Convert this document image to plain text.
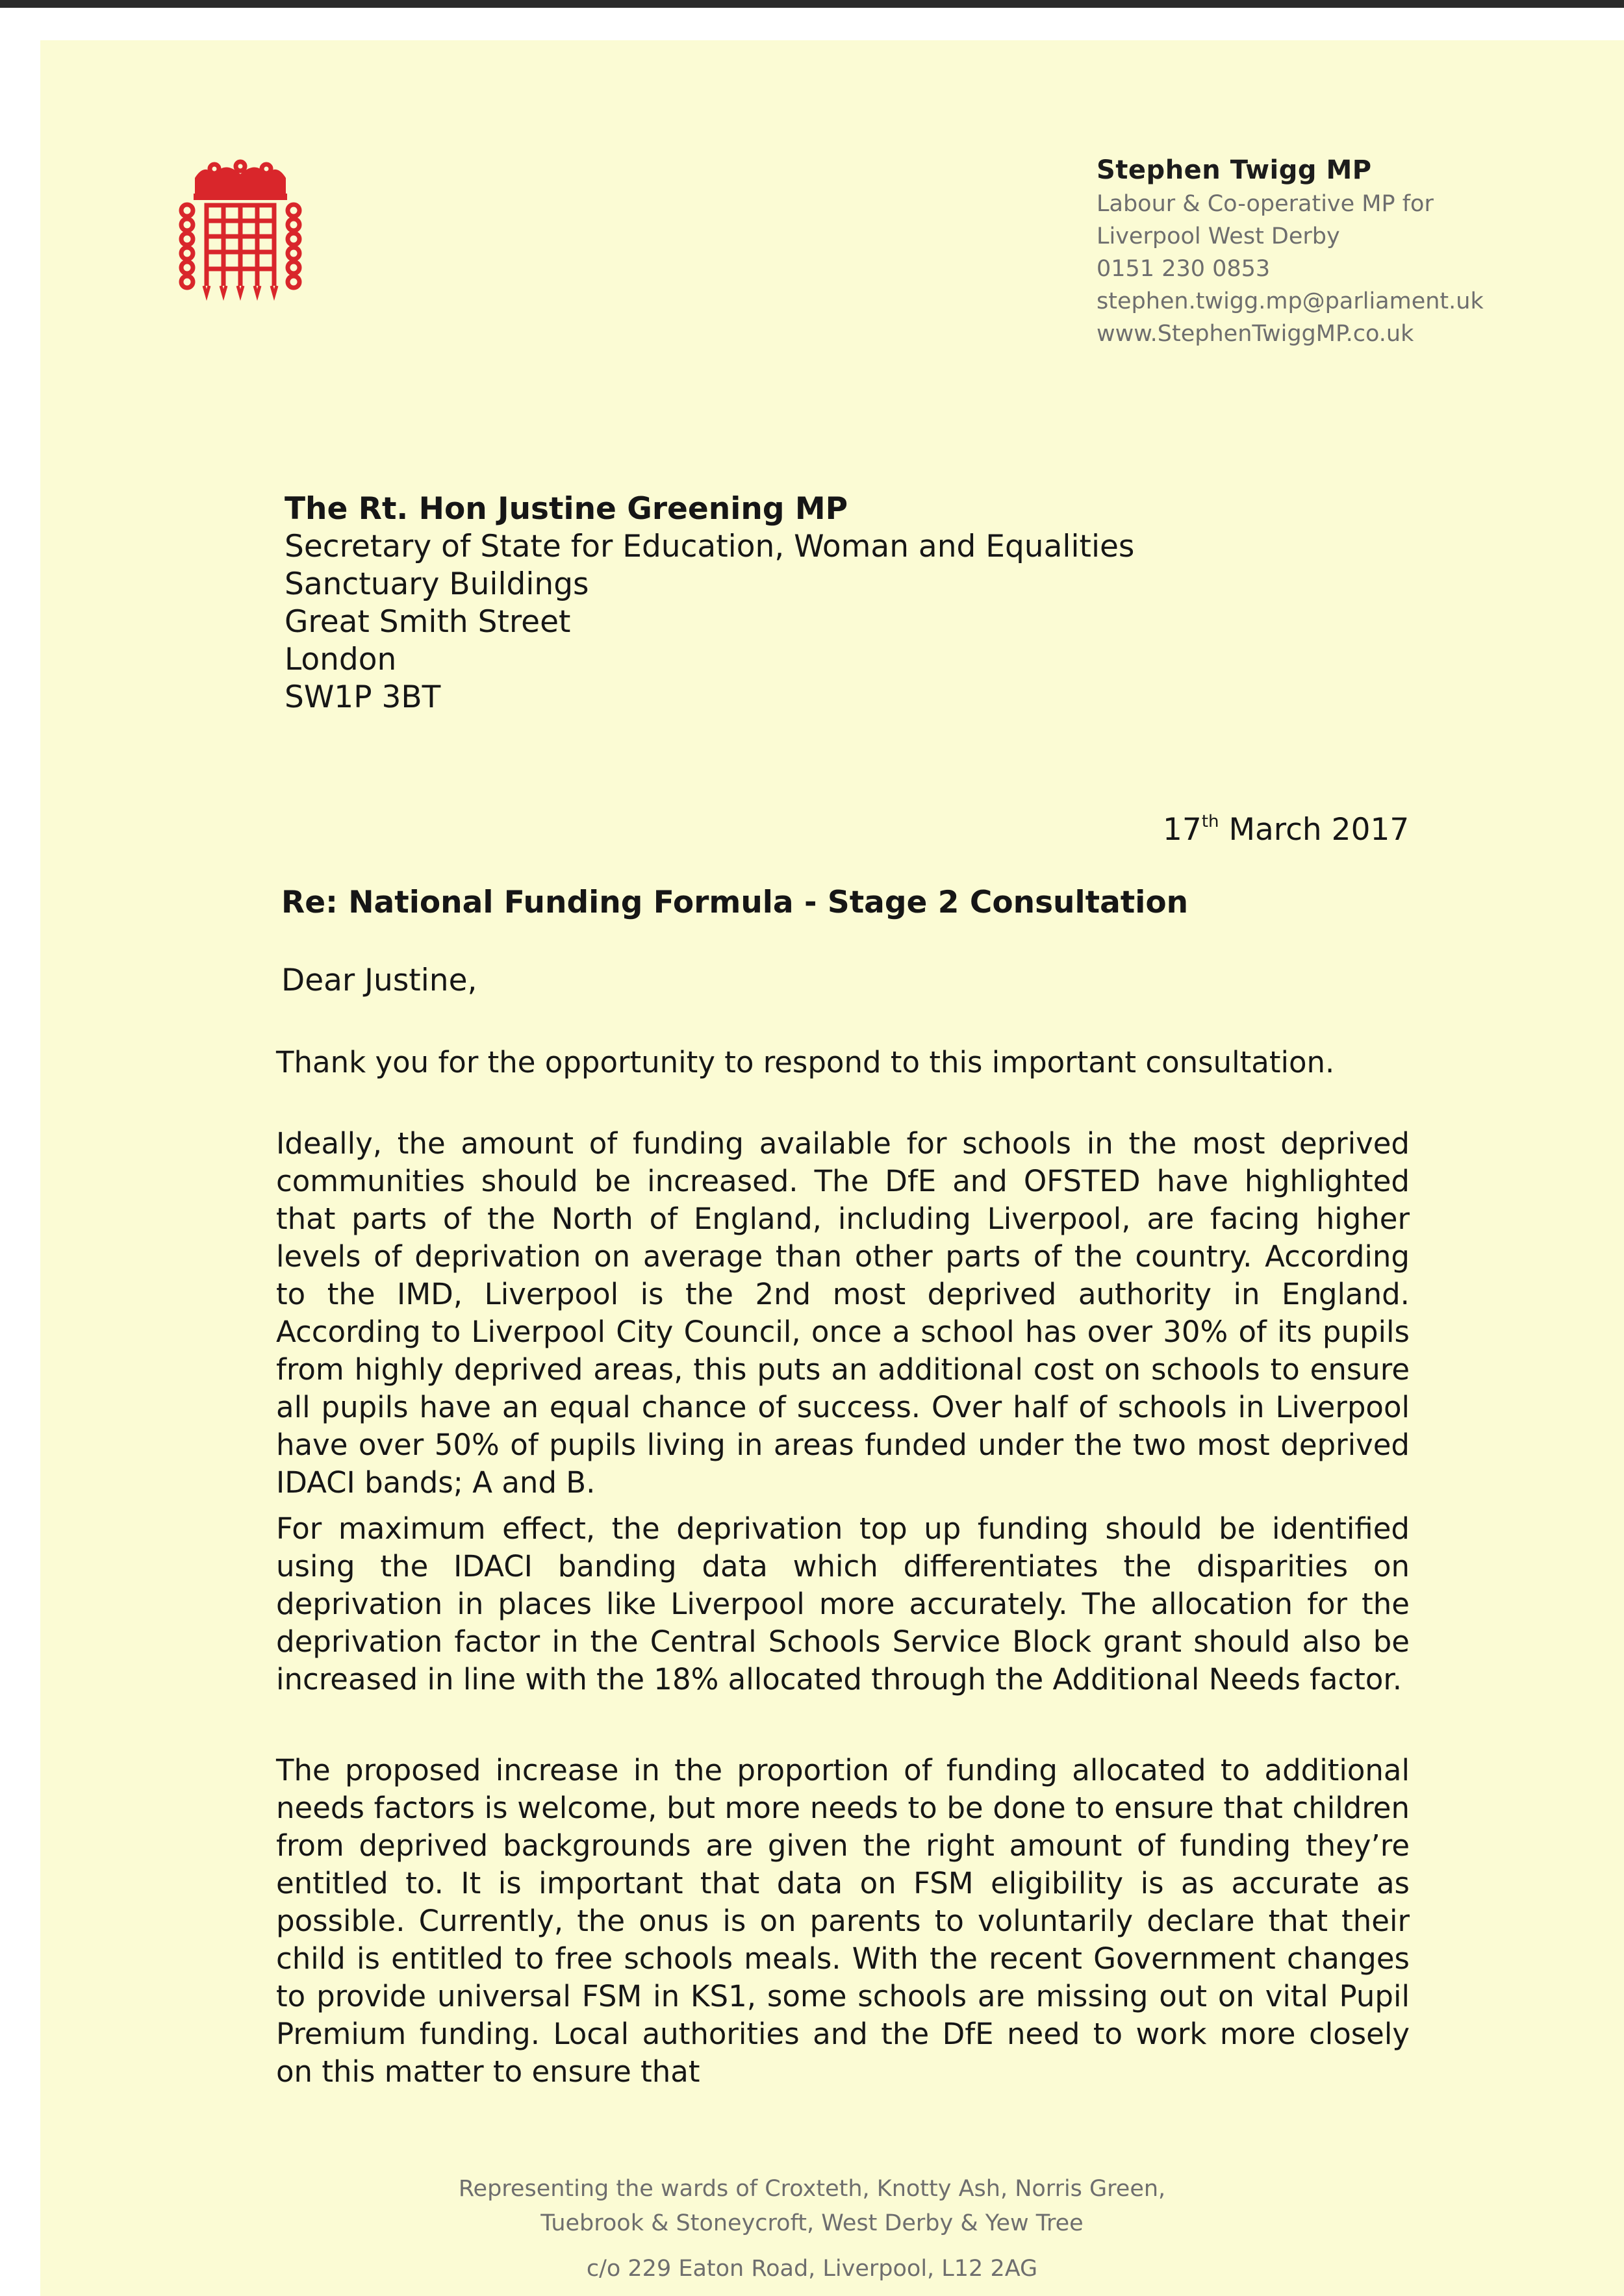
Stephen Twigg MP
Labour & Co-operative MP for
Liverpool West Derby
0151 230 0853
stephen.twigg.mp@parliament.uk
www.StephenTwiggMP.co.uk
The Rt. Hon Justine Greening MP
Secretary of State for Education, Woman and Equalities
Sanctuary Buildings
Great Smith Street
London
SW1P 3BT
17th March 2017
Re: National Funding Formula - Stage 2 Consultation
Dear Justine,
Thank you for the opportunity to respond to this important consultation.
Ideally, the amount of funding available for schools in the most deprived communities should be increased. The DfE and OFSTED have highlighted that parts of the North of England, including Liverpool, are facing higher levels of deprivation on average than other parts of the country. According to the IMD, Liverpool is the 2nd most deprived authority in England. According to Liverpool City Council, once a school has over 30% of its pupils from highly deprived areas, this puts an additional cost on schools to ensure all pupils have an equal chance of success. Over half of schools in Liverpool have over 50% of pupils living in areas funded under the two most deprived IDACI bands; A and B.
For maximum effect, the deprivation top up funding should be identified using the IDACI banding data which differentiates the disparities on deprivation in places like Liverpool more accurately. The allocation for the deprivation factor in the Central Schools Service Block grant should also be increased in line with the 18% allocated through the Additional Needs factor.
The proposed increase in the proportion of funding allocated to additional needs factors is welcome, but more needs to be done to ensure that children from deprived backgrounds are given the right amount of funding they’re entitled to. It is important that data on FSM eligibility is as accurate as possible. Currently, the onus is on parents to voluntarily declare that their child is entitled to free schools meals. With the recent Government changes to provide universal FSM in KS1, some schools are missing out on vital Pupil Premium funding. Local authorities and the DfE need to work more closely on this matter to ensure that
Representing the wards of Croxteth, Knotty Ash, Norris Green,
Tuebrook & Stoneycroft, West Derby & Yew Tree
c/o 229 Eaton Road, Liverpool, L12 2AG
